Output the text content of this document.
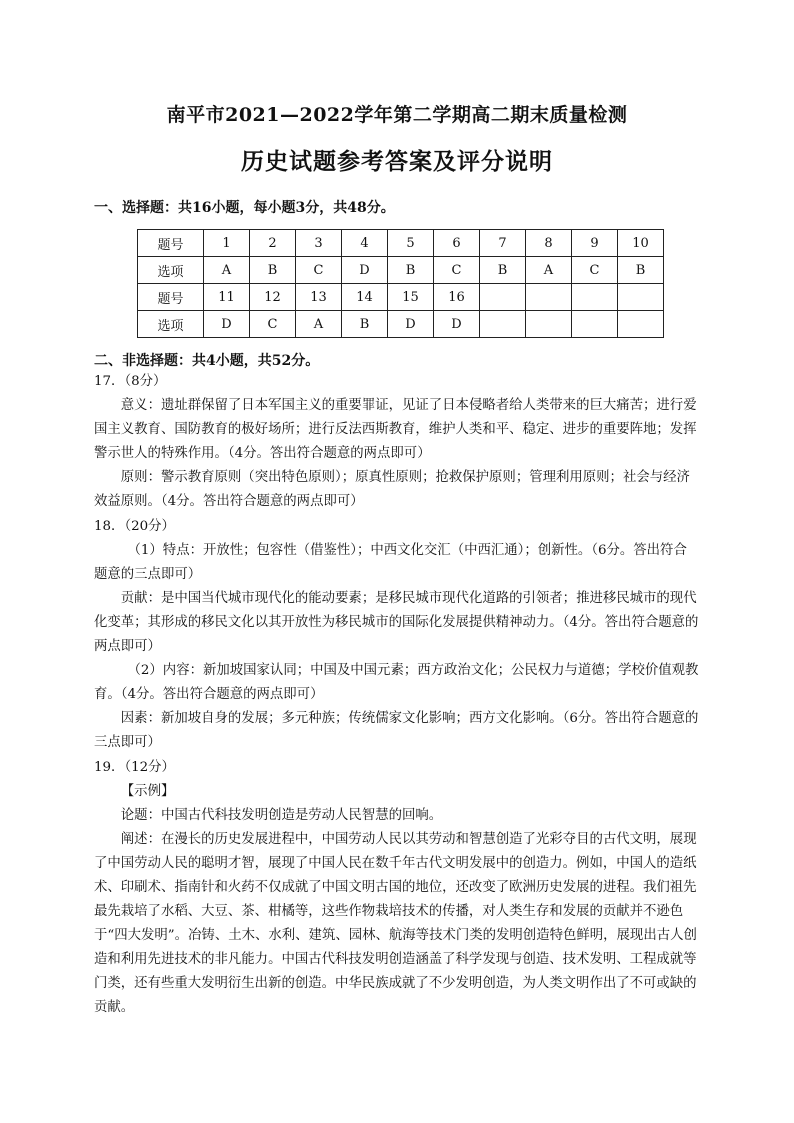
南平市2021—2022学年第二学期高二期末质量检测
历史试题参考答案及评分说明
一、选择题：共16小题，每小题3分，共48分。
题号	1	2	3	4	5	6	7	8	9	10
选项	A	B	C	D	B	C	B	A	C	B
题号	11	12	13	14	15	16				
选项	D	C	A	B	D	D				
二、非选择题：共4小题，共52分。

17．（8分）

意义：遗址群保留了日本军国主义的重要罪证，见证了日本侵略者给人类带来的巨大痛苦；进行爱国主义教育、国防教育的极好场所；进行反法西斯教育，维护人类和平、稳定、进步的重要阵地；发挥警示世人的特殊作用。（4分。答出符合题意的两点即可）

原则：警示教育原则（突出特色原则）；原真性原则；抢救保护原则；管理利用原则；社会与经济效益原则。（4分。答出符合题意的两点即可）

18．（20分）

（1）特点：开放性；包容性（借鉴性）；中西文化交汇（中西汇通）；创新性。（6分。答出符合题意的三点即可）

贡献：是中国当代城市现代化的能动要素；是移民城市现代化道路的引领者；推进移民城市的现代化变革；其形成的移民文化以其开放性为移民城市的国际化发展提供精神动力。（4分。答出符合题意的两点即可）

（2）内容：新加坡国家认同；中国及中国元素；西方政治文化；公民权力与道德；学校价值观教育。（4分。答出符合题意的两点即可）

因素：新加坡自身的发展；多元种族；传统儒家文化影响；西方文化影响。（6分。答出符合题意的三点即可）

19．（12分）

【示例】

论题：中国古代科技发明创造是劳动人民智慧的回响。

阐述：在漫长的历史发展进程中，中国劳动人民以其劳动和智慧创造了光彩夺目的古代文明，展现了中国劳动人民的聪明才智，展现了中国人民在数千年古代文明发展中的创造力。例如，中国人的造纸术、印刷术、指南针和火药不仅成就了中国文明古国的地位，还改变了欧洲历史发展的进程。我们祖先最先栽培了水稻、大豆、茶、柑橘等，这些作物栽培技术的传播，对人类生存和发展的贡献并不逊色于“四大发明”。冶铸、土木、水利、建筑、园林、航海等技术门类的发明创造特色鲜明，展现出古人创造和利用先进技术的非凡能力。中国古代科技发明创造涵盖了科学发现与创造、技术发明、工程成就等门类，还有些重大发明衍生出新的创造。中华民族成就了不少发明创造，为人类文明作出了不可或缺的贡献。
